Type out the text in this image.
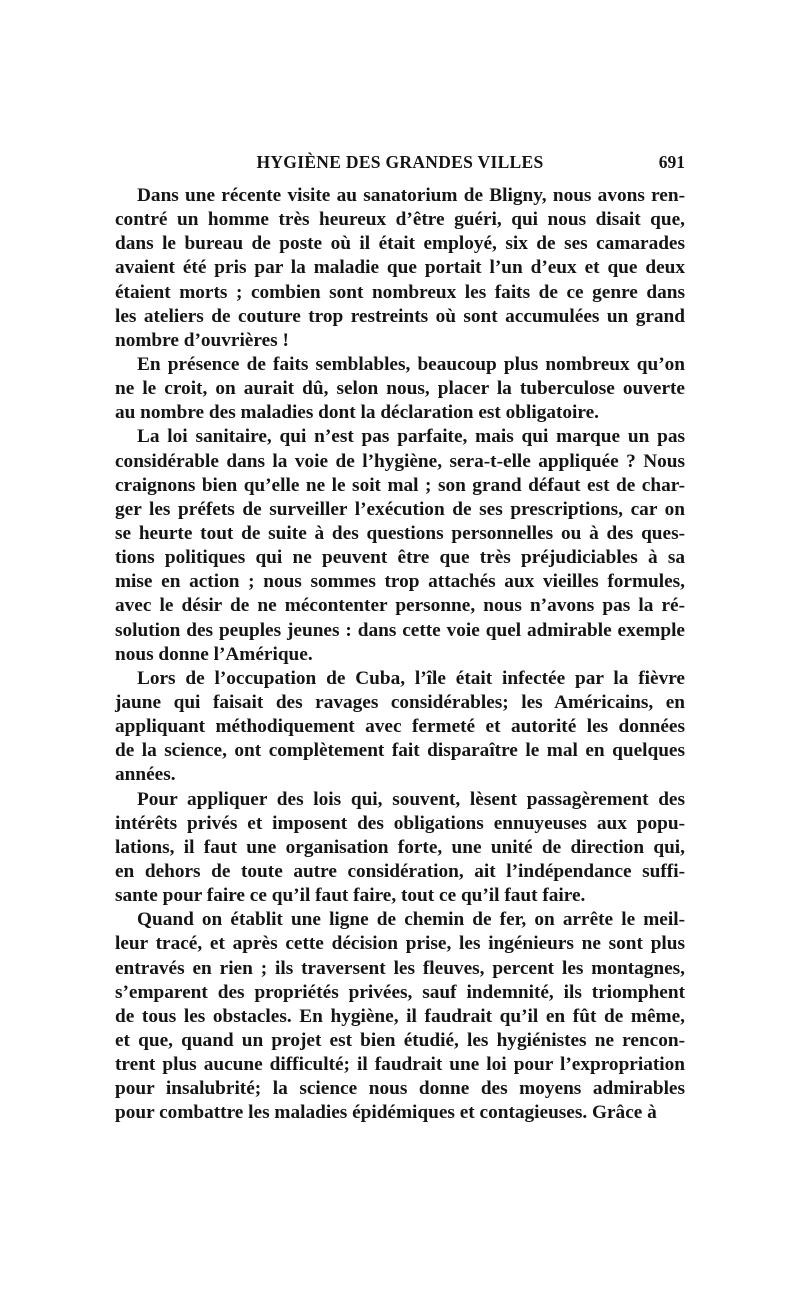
HYGIÈNE DES GRANDES VILLES	691
Dans une récente visite au sanatorium de Bligny, nous avons ren-
contré un homme très heureux d’être guéri, qui nous disait que,
dans le bureau de poste où il était employé, six de ses camarades
avaient été pris par la maladie que portait l’un d’eux et que deux
étaient morts ; combien sont nombreux les faits de ce genre dans
les ateliers de couture trop restreints où sont accumulées un grand
nombre d’ouvrières !
En présence de faits semblables, beaucoup plus nombreux qu’on
ne le croit, on aurait dû, selon nous, placer la tuberculose ouverte
au nombre des maladies dont la déclaration est obligatoire.
La loi sanitaire, qui n’est pas parfaite, mais qui marque un pas
considérable dans la voie de l’hygiène, sera-t-elle appliquée ? Nous
craignons bien qu’elle ne le soit mal ; son grand défaut est de char-
ger les préfets de surveiller l’exécution de ses prescriptions, car on
se heurte tout de suite à des questions personnelles ou à des ques-
tions politiques qui ne peuvent être que très préjudiciables à sa
mise en action ; nous sommes trop attachés aux vieilles formules,
avec le désir de ne mécontenter personne, nous n’avons pas la ré-
solution des peuples jeunes : dans cette voie quel admirable exemple
nous donne l’Amérique.
Lors de l’occupation de Cuba, l’île était infectée par la fièvre
jaune qui faisait des ravages considérables; les Américains, en
appliquant méthodiquement avec fermeté et autorité les données
de la science, ont complètement fait disparaître le mal en quelques
années.
Pour appliquer des lois qui, souvent, lèsent passagèrement des
intérêts privés et imposent des obligations ennuyeuses aux popu-
lations, il faut une organisation forte, une unité de direction qui,
en dehors de toute autre considération, ait l’indépendance suffi-
sante pour faire ce qu’il faut faire, tout ce qu’il faut faire.
Quand on établit une ligne de chemin de fer, on arrête le meil-
leur tracé, et après cette décision prise, les ingénieurs ne sont plus
entravés en rien ; ils traversent les fleuves, percent les montagnes,
s’emparent des propriétés privées, sauf indemnité, ils triomphent
de tous les obstacles. En hygiène, il faudrait qu’il en fût de même,
et que, quand un projet est bien étudié, les hygiénistes ne rencon-
trent plus aucune difficulté; il faudrait une loi pour l’expropriation
pour insalubrité; la science nous donne des moyens admirables
pour combattre les maladies épidémiques et contagieuses. Grâce à
